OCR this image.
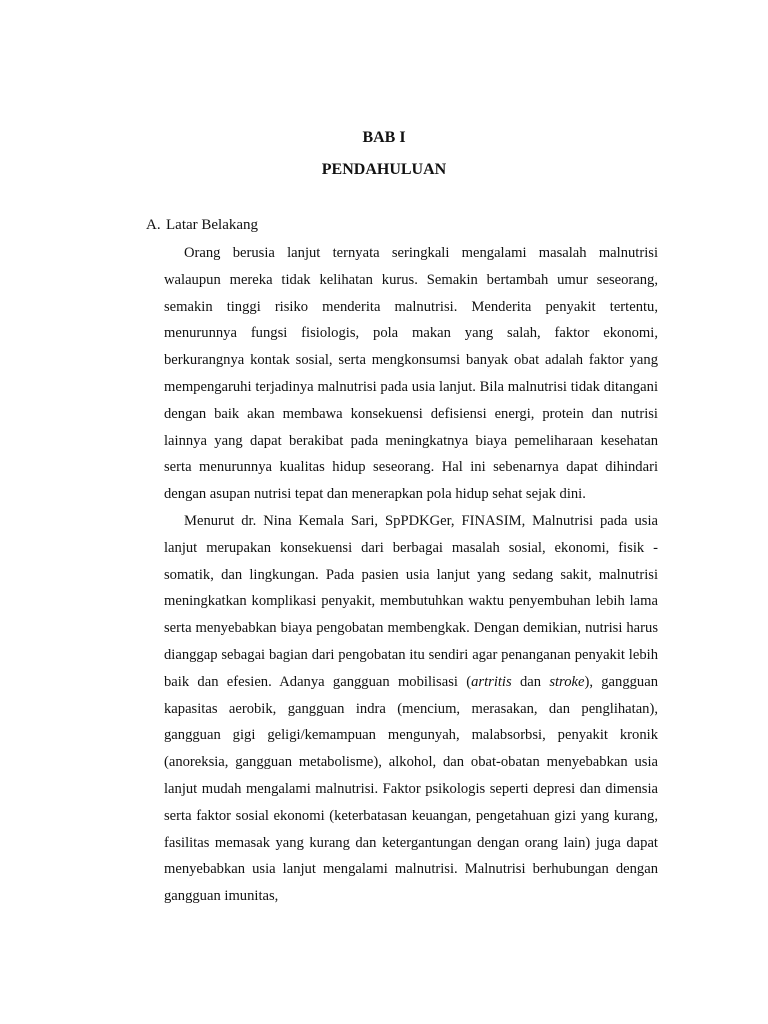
BAB I
PENDAHULUAN
A. Latar Belakang

Orang berusia lanjut ternyata seringkali mengalami masalah malnutrisi walaupun mereka tidak kelihatan kurus. Semakin bertambah umur seseorang, semakin tinggi risiko menderita malnutrisi. Menderita penyakit tertentu, menurunnya fungsi fisiologis, pola makan yang salah, faktor ekonomi, berkurangnya kontak sosial, serta mengkonsumsi banyak obat adalah faktor yang mempengaruhi terjadinya malnutrisi pada usia lanjut. Bila malnutrisi tidak ditangani dengan baik akan membawa konsekuensi defisiensi energi, protein dan nutrisi lainnya yang dapat berakibat pada meningkatnya biaya pemeliharaan kesehatan serta menurunnya kualitas hidup seseorang. Hal ini sebenarnya dapat dihindari dengan asupan nutrisi tepat dan menerapkan pola hidup sehat sejak dini.

Menurut dr. Nina Kemala Sari, SpPDKGer, FINASIM, Malnutrisi pada usia lanjut merupakan konsekuensi dari berbagai masalah sosial, ekonomi, fisik - somatik, dan lingkungan. Pada pasien usia lanjut yang sedang sakit, malnutrisi meningkatkan komplikasi penyakit, membutuhkan waktu penyembuhan lebih lama serta menyebabkan biaya pengobatan membengkak. Dengan demikian, nutrisi harus dianggap sebagai bagian dari pengobatan itu sendiri agar penanganan penyakit lebih baik dan efesien. Adanya gangguan mobilisasi (artritis dan stroke), gangguan kapasitas aerobik, gangguan indra (mencium, merasakan, dan penglihatan), gangguan gigi geligi/kemampuan mengunyah, malabsorbsi, penyakit kronik (anoreksia, gangguan metabolisme), alkohol, dan obat-obatan menyebabkan usia lanjut mudah mengalami malnutrisi. Faktor psikologis seperti depresi dan dimensia serta faktor sosial ekonomi (keterbatasan keuangan, pengetahuan gizi yang kurang, fasilitas memasak yang kurang dan ketergantungan dengan orang lain) juga dapat menyebabkan usia lanjut mengalami malnutrisi. Malnutrisi berhubungan dengan gangguan imunitas,
